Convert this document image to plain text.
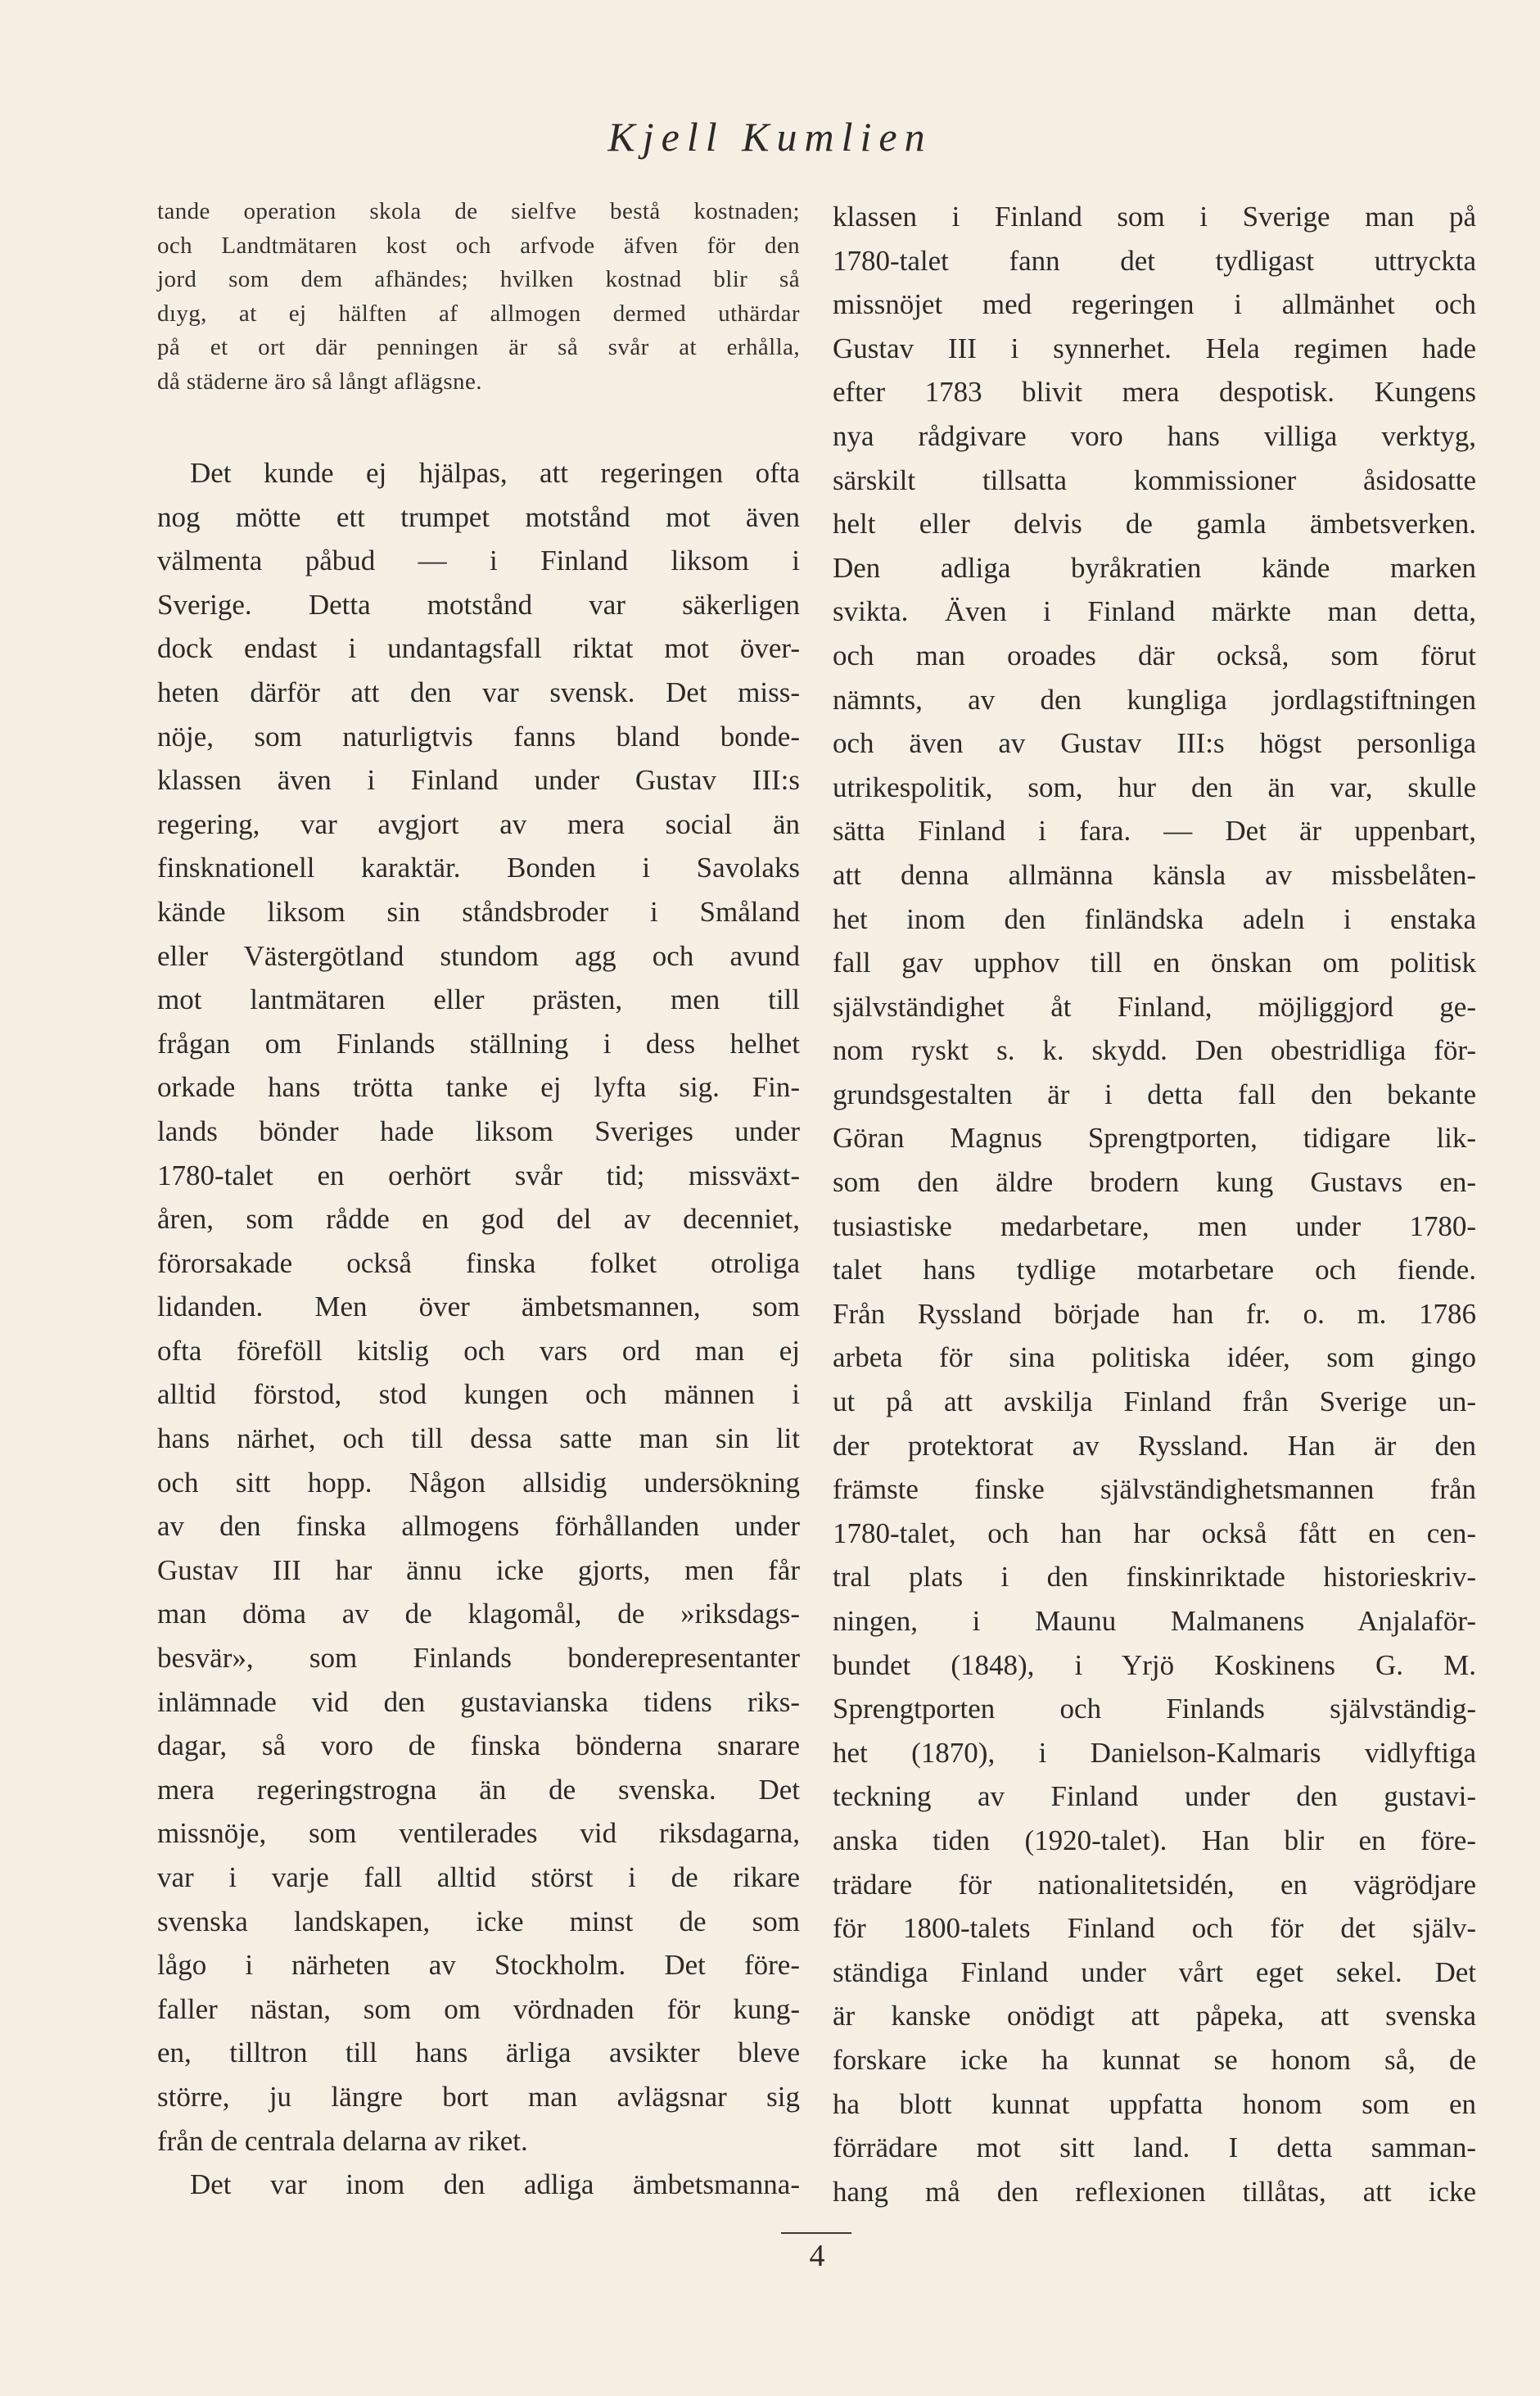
Kjell Kumlien

tande operation skola de sielfve bestå kostnaden;

och Landtmätaren kost och arfvode äfven för den

jord som dem afhändes; hvilken kostnad blir så

dıyg, at ej hälften af allmogen dermed uthärdar

på et ort där penningen är så svår at erhålla,

då städerne äro så långt aflägsne.

Det kunde ej hjälpas, att regeringen ofta

nog mötte ett trumpet motstånd mot även

välmenta påbud — i Finland liksom i

Sverige. Detta motstånd var säkerligen

dock endast i undantagsfall riktat mot över-

heten därför att den var svensk. Det miss-

nöje, som naturligtvis fanns bland bonde-

klassen även i Finland under Gustav III:s

regering, var avgjort av mera social än

finsknationell karaktär. Bonden i Savolaks

kände liksom sin ståndsbroder i Småland

eller Västergötland stundom agg och avund

mot lantmätaren eller prästen, men till

frågan om Finlands ställning i dess helhet

orkade hans trötta tanke ej lyfta sig. Fin-

lands bönder hade liksom Sveriges under

1780-talet en oerhört svår tid; missväxt-

åren, som rådde en god del av decenniet,

förorsakade också finska folket otroliga

lidanden. Men över ämbetsmannen, som

ofta föreföll kitslig och vars ord man ej

alltid förstod, stod kungen och männen i

hans närhet, och till dessa satte man sin lit

och sitt hopp. Någon allsidig undersökning

av den finska allmogens förhållanden under

Gustav III har ännu icke gjorts, men får

man döma av de klagomål, de »riksdags-

besvär», som Finlands bonderepresentanter

inlämnade vid den gustavianska tidens riks-

dagar, så voro de finska bönderna snarare

mera regeringstrogna än de svenska. Det

missnöje, som ventilerades vid riksdagarna,

var i varje fall alltid störst i de rikare

svenska landskapen, icke minst de som

lågo i närheten av Stockholm. Det före-

faller nästan, som om vördnaden för kung-

en, tilltron till hans ärliga avsikter bleve

större, ju längre bort man avlägsnar sig

från de centrala delarna av riket.

Det var inom den adliga ämbetsmanna-

klassen i Finland som i Sverige man på

1780-talet fann det tydligast uttryckta

missnöjet med regeringen i allmänhet och

Gustav III i synnerhet. Hela regimen hade

efter 1783 blivit mera despotisk. Kungens

nya rådgivare voro hans villiga verktyg,

särskilt tillsatta kommissioner åsidosatte

helt eller delvis de gamla ämbetsverken.

Den adliga byråkratien kände marken

svikta. Även i Finland märkte man detta,

och man oroades där också, som förut

nämnts, av den kungliga jordlagstiftningen

och även av Gustav III:s högst personliga

utrikespolitik, som, hur den än var, skulle

sätta Finland i fara. — Det är uppenbart,

att denna allmänna känsla av missbelåten-

het inom den finländska adeln i enstaka

fall gav upphov till en önskan om politisk

självständighet åt Finland, möjliggjord ge-

nom ryskt s. k. skydd. Den obestridliga för-

grundsgestalten är i detta fall den bekante

Göran Magnus Sprengtporten, tidigare lik-

som den äldre brodern kung Gustavs en-

tusiastiske medarbetare, men under 1780-

talet hans tydlige motarbetare och fiende.

Från Ryssland började han fr. o. m. 1786

arbeta för sina politiska idéer, som gingo

ut på att avskilja Finland från Sverige un-

der protektorat av Ryssland. Han är den

främste finske självständighetsmannen från

1780-talet, och han har också fått en cen-

tral plats i den finskinriktade historieskriv-

ningen, i Maunu Malmanens Anjalaför-

bundet (1848), i Yrjö Koskinens G. M.

Sprengtporten och Finlands självständig-

het (1870), i Danielson-Kalmaris vidlyftiga

teckning av Finland under den gustavi-

anska tiden (1920-talet). Han blir en före-

trädare för nationalitetsidén, en vägrödjare

för 1800-talets Finland och för det själv-

ständiga Finland under vårt eget sekel. Det

är kanske onödigt att påpeka, att svenska

forskare icke ha kunnat se honom så, de

ha blott kunnat uppfatta honom som en

förrädare mot sitt land. I detta samman-

hang må den reflexionen tillåtas, att icke

4
